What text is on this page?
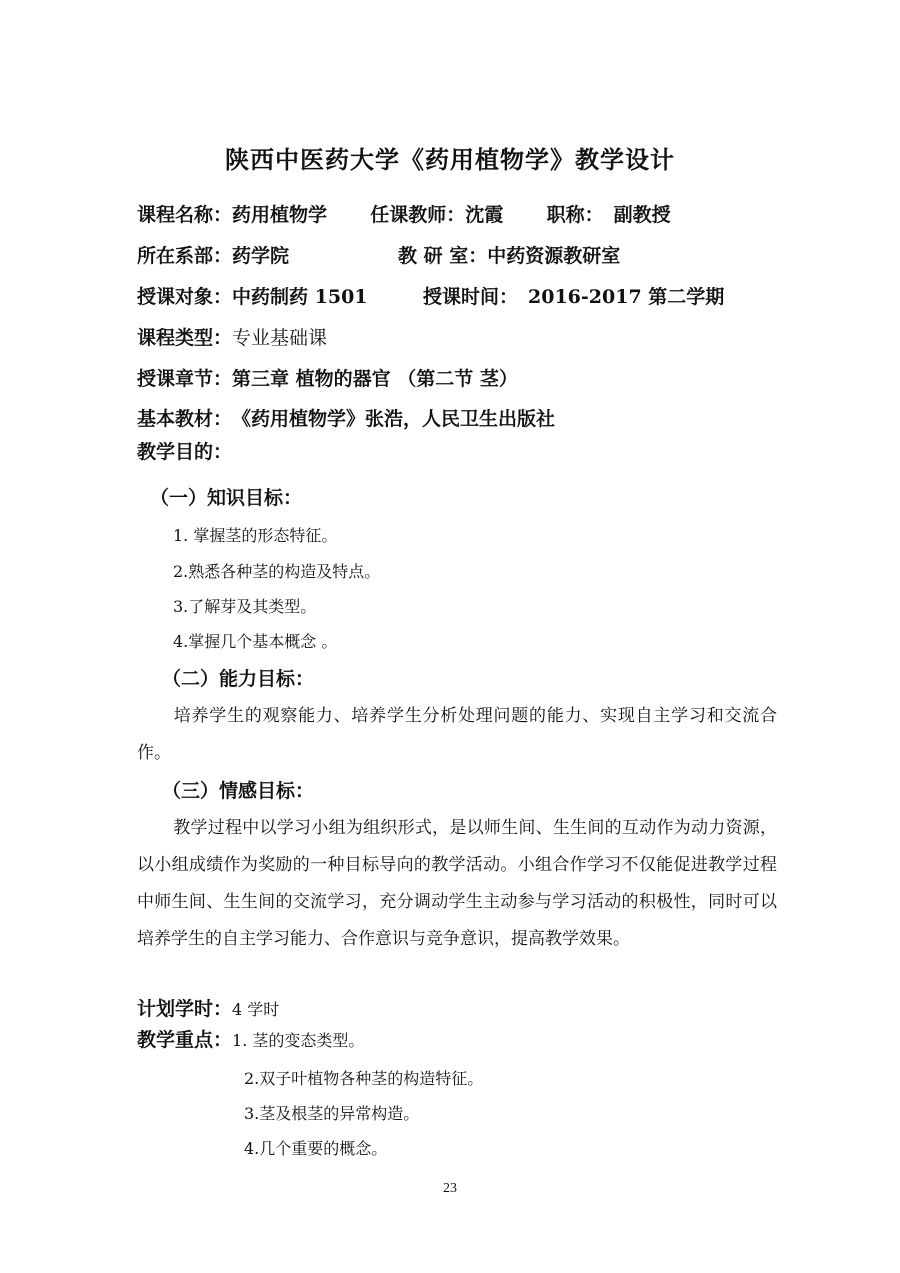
陕西中医药大学《药用植物学》教学设计
课程名称：药用植物学 任课教师：沈霞 职称： 副教授
所在系部：药学院	教 研 室：中药资源教研室
授课对象：中药制药 1501	授课时间： 2016-2017 第二学期
课程类型：专业基础课
授课章节：第三章 植物的器官 （第二节 茎）
基本教材：《药用植物学》张浩，人民卫生出版社
教学目的：
（一）知识目标：
1. 掌握茎的形态特征。
2.熟悉各种茎的构造及特点。
3.了解芽及其类型。
4.掌握几个基本概念 。
（二）能力目标：
培养学生的观察能力、培养学生分析处理问题的能力、实现自主学习和交流合作。
（三）情感目标：
教学过程中以学习小组为组织形式，是以师生间、生生间的互动作为动力资源，以小组成绩作为奖励的一种目标导向的教学活动。小组合作学习不仅能促进教学过程中师生间、生生间的交流学习，充分调动学生主动参与学习活动的积极性，同时可以培养学生的自主学习能力、合作意识与竞争意识，提高教学效果。
计划学时：4 学时
教学重点：1. 茎的变态类型。
2.双子叶植物各种茎的构造特征。
3.茎及根茎的异常构造。
4.几个重要的概念。
23
